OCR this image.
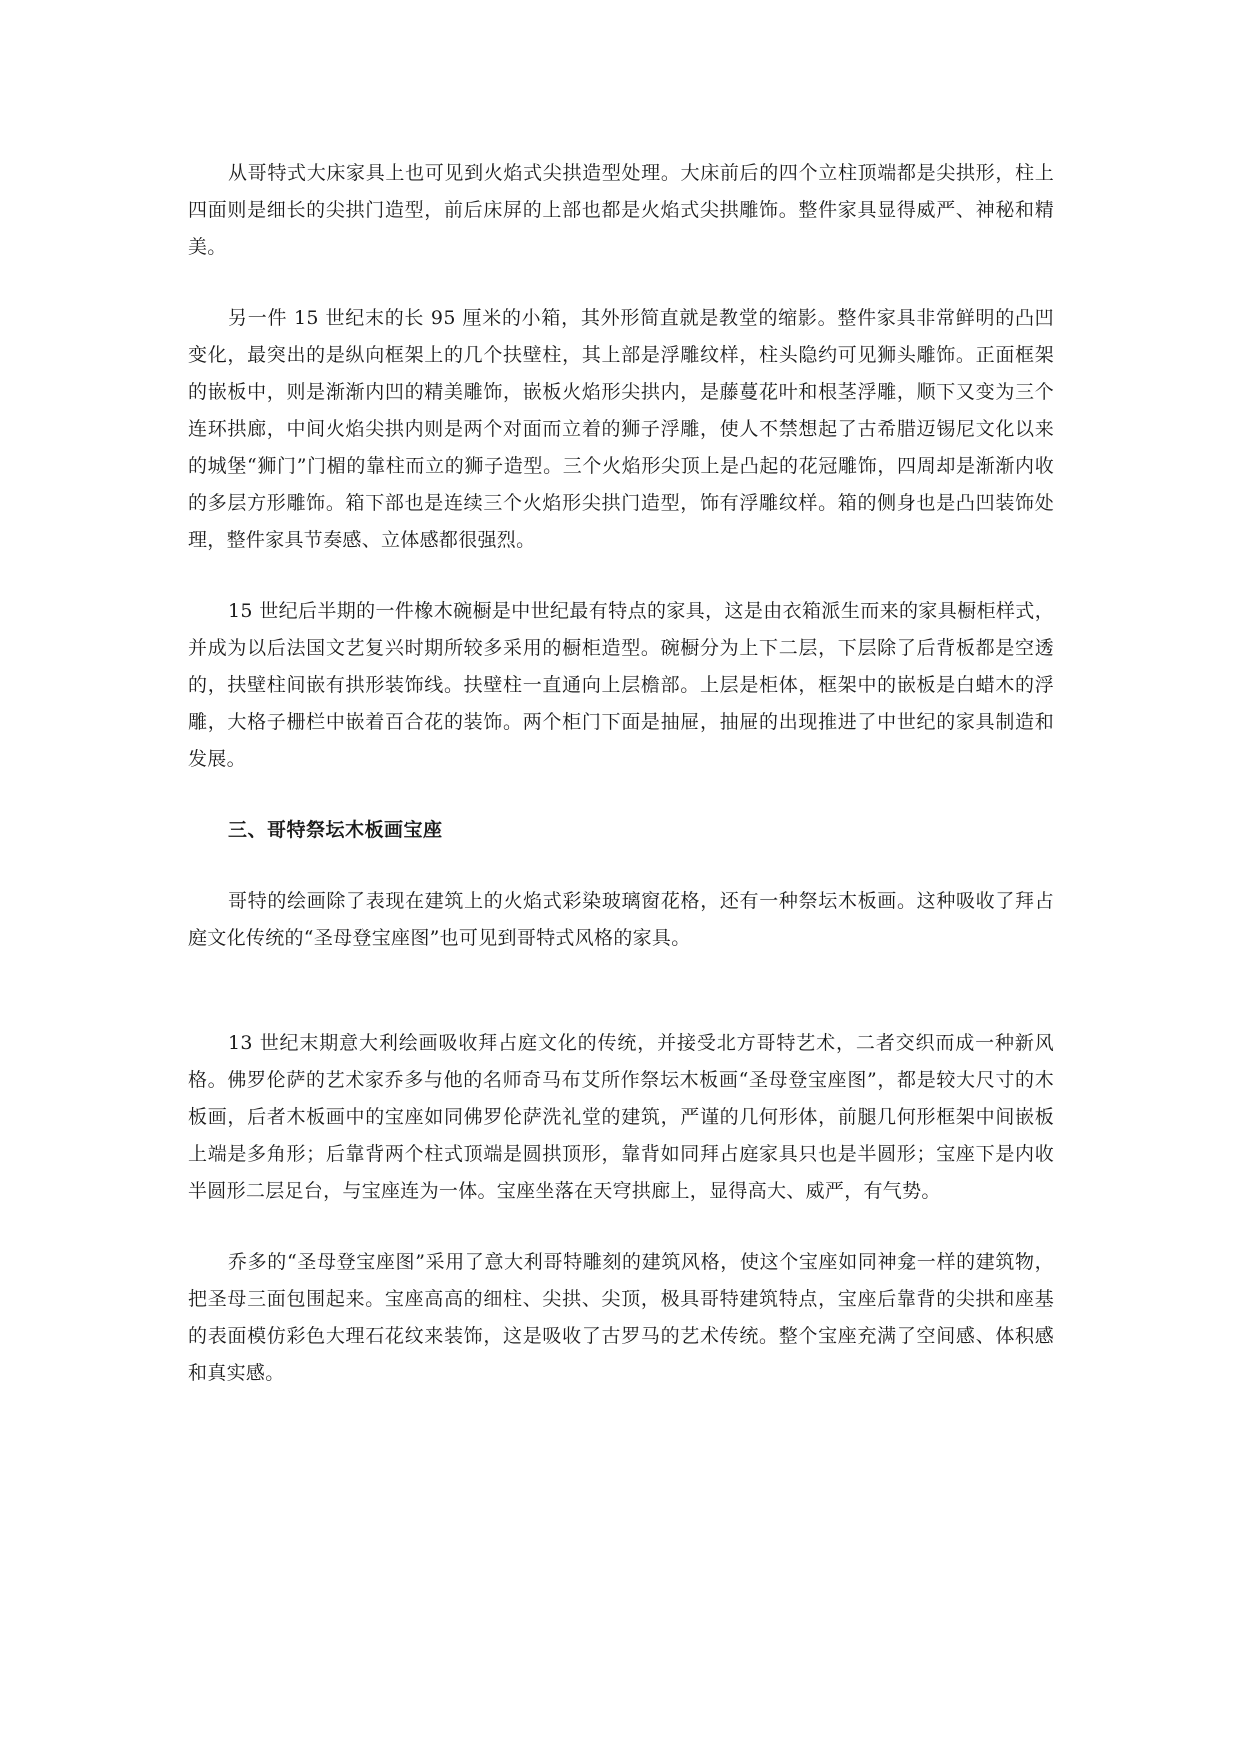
从哥特式大床家具上也可见到火焰式尖拱造型处理。大床前后的四个立柱顶端都是尖拱形，柱上四面则是细长的尖拱门造型，前后床屏的上部也都是火焰式尖拱雕饰。整件家具显得威严、神秘和精美。

另一件 15 世纪末的长 95 厘米的小箱，其外形简直就是教堂的缩影。整件家具非常鲜明的凸凹变化，最突出的是纵向框架上的几个扶壁柱，其上部是浮雕纹样，柱头隐约可见狮头雕饰。正面框架的嵌板中，则是渐渐内凹的精美雕饰，嵌板火焰形尖拱内，是藤蔓花叶和根茎浮雕，顺下又变为三个连环拱廊，中间火焰尖拱内则是两个对面而立着的狮子浮雕，使人不禁想起了古希腊迈锡尼文化以来的城堡“狮门”门楣的靠柱而立的狮子造型。三个火焰形尖顶上是凸起的花冠雕饰，四周却是渐渐内收的多层方形雕饰。箱下部也是连续三个火焰形尖拱门造型，饰有浮雕纹样。箱的侧身也是凸凹装饰处理，整件家具节奏感、立体感都很强烈。

15 世纪后半期的一件橡木碗橱是中世纪最有特点的家具，这是由衣箱派生而来的家具橱柜样式，并成为以后法国文艺复兴时期所较多采用的橱柜造型。碗橱分为上下二层，下层除了后背板都是空透的，扶壁柱间嵌有拱形装饰线。扶壁柱一直通向上层檐部。上层是柜体，框架中的嵌板是白蜡木的浮雕，大格子栅栏中嵌着百合花的装饰。两个柜门下面是抽屉，抽屉的出现推进了中世纪的家具制造和发展。

三、哥特祭坛木板画宝座

哥特的绘画除了表现在建筑上的火焰式彩染玻璃窗花格，还有一种祭坛木板画。这种吸收了拜占庭文化传统的“圣母登宝座图”也可见到哥特式风格的家具。

13 世纪末期意大利绘画吸收拜占庭文化的传统，并接受北方哥特艺术，二者交织而成一种新风格。佛罗伦萨的艺术家乔多与他的名师奇马布艾所作祭坛木板画“圣母登宝座图”，都是较大尺寸的木板画，后者木板画中的宝座如同佛罗伦萨洗礼堂的建筑，严谨的几何形体，前腿几何形框架中间嵌板上端是多角形；后靠背两个柱式顶端是圆拱顶形，靠背如同拜占庭家具只也是半圆形；宝座下是内收半圆形二层足台，与宝座连为一体。宝座坐落在天穹拱廊上，显得高大、威严，有气势。

乔多的“圣母登宝座图”采用了意大利哥特雕刻的建筑风格，使这个宝座如同神龛一样的建筑物，把圣母三面包围起来。宝座高高的细柱、尖拱、尖顶，极具哥特建筑特点，宝座后靠背的尖拱和座基的表面模仿彩色大理石花纹来装饰，这是吸收了古罗马的艺术传统。整个宝座充满了空间感、体积感和真实感。
